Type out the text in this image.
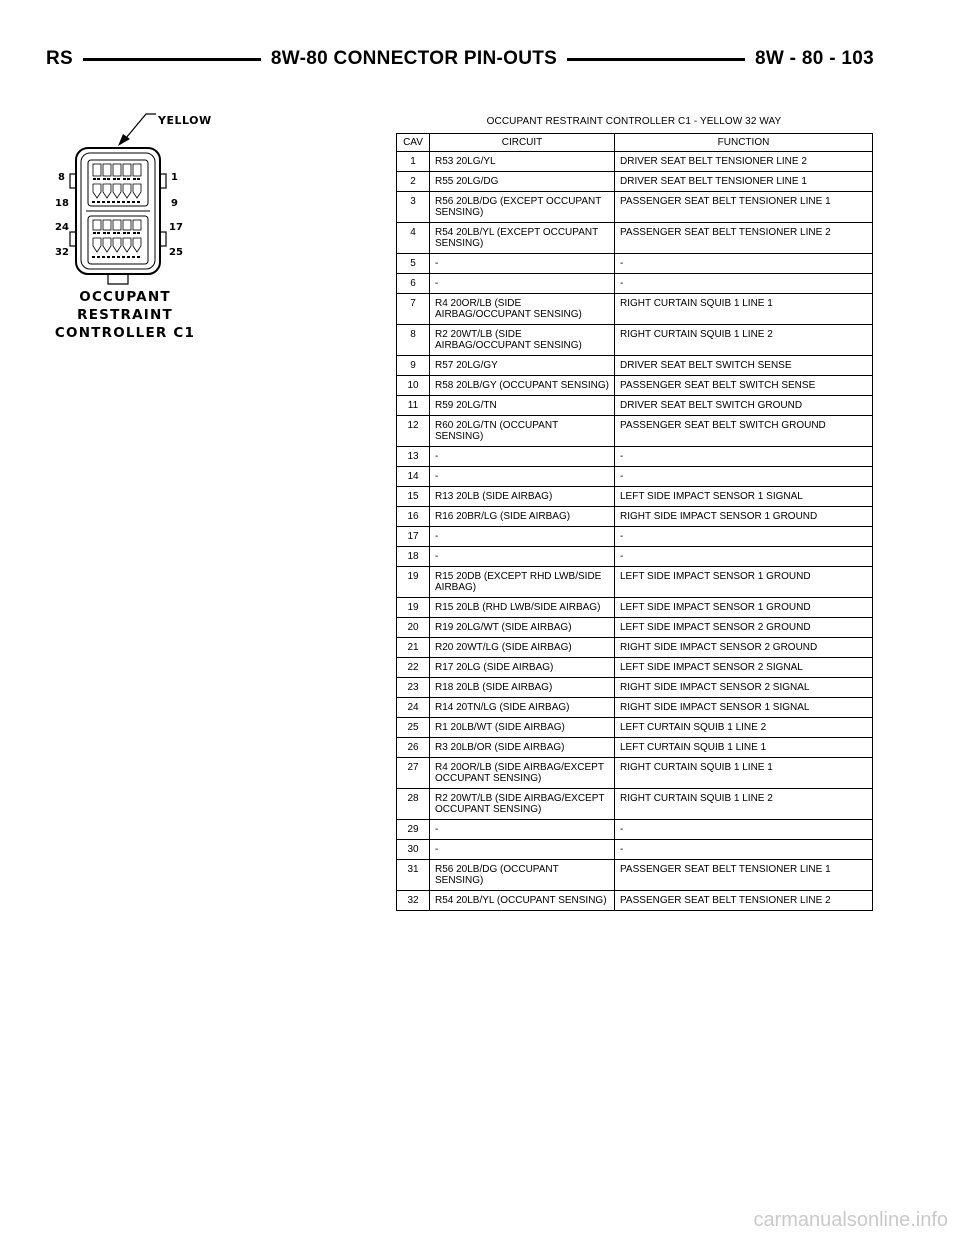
RS	8W-80 CONNECTOR PIN-OUTS	8W - 80 - 103
YELLOW
8
18
24
32
1
9
17
25
OCCUPANT
RESTRAINT
CONTROLLER C1
OCCUPANT RESTRAINT CONTROLLER C1 - YELLOW 32 WAY
CAV	CIRCUIT	FUNCTION
1	R53 20LG/YL	DRIVER SEAT BELT TENSIONER LINE 2
2	R55 20LG/DG	DRIVER SEAT BELT TENSIONER LINE 1
3	R56 20LB/DG (EXCEPT OCCUPANT SENSING)	PASSENGER SEAT BELT TENSIONER LINE 1
4	R54 20LB/YL (EXCEPT OCCUPANT SENSING)	PASSENGER SEAT BELT TENSIONER LINE 2
5	-	-
6	-	-
7	R4 20OR/LB (SIDE AIRBAG/OCCUPANT SENSING)	RIGHT CURTAIN SQUIB 1 LINE 1
8	R2 20WT/LB (SIDE AIRBAG/OCCUPANT SENSING)	RIGHT CURTAIN SQUIB 1 LINE 2
9	R57 20LG/GY	DRIVER SEAT BELT SWITCH SENSE
10	R58 20LB/GY (OCCUPANT SENSING)	PASSENGER SEAT BELT SWITCH SENSE
11	R59 20LG/TN	DRIVER SEAT BELT SWITCH GROUND
12	R60 20LG/TN (OCCUPANT SENSING)	PASSENGER SEAT BELT SWITCH GROUND
13	-	-
14	-	-
15	R13 20LB (SIDE AIRBAG)	LEFT SIDE IMPACT SENSOR 1 SIGNAL
16	R16 20BR/LG (SIDE AIRBAG)	RIGHT SIDE IMPACT SENSOR 1 GROUND
17	-	-
18	-	-
19	R15 20DB (EXCEPT RHD LWB/SIDE AIRBAG)	LEFT SIDE IMPACT SENSOR 1 GROUND
19	R15 20LB (RHD LWB/SIDE AIRBAG)	LEFT SIDE IMPACT SENSOR 1 GROUND
20	R19 20LG/WT (SIDE AIRBAG)	LEFT SIDE IMPACT SENSOR 2 GROUND
21	R20 20WT/LG (SIDE AIRBAG)	RIGHT SIDE IMPACT SENSOR 2 GROUND
22	R17 20LG (SIDE AIRBAG)	LEFT SIDE IMPACT SENSOR 2 SIGNAL
23	R18 20LB (SIDE AIRBAG)	RIGHT SIDE IMPACT SENSOR 2 SIGNAL
24	R14 20TN/LG (SIDE AIRBAG)	RIGHT SIDE IMPACT SENSOR 1 SIGNAL
25	R1 20LB/WT (SIDE AIRBAG)	LEFT CURTAIN SQUIB 1 LINE 2
26	R3 20LB/OR (SIDE AIRBAG)	LEFT CURTAIN SQUIB 1 LINE 1
27	R4 20OR/LB (SIDE AIRBAG/EXCEPT OCCUPANT SENSING)	RIGHT CURTAIN SQUIB 1 LINE 1
28	R2 20WT/LB (SIDE AIRBAG/EXCEPT OCCUPANT SENSING)	RIGHT CURTAIN SQUIB 1 LINE 2
29	-	-
30	-	-
31	R56 20LB/DG (OCCUPANT SENSING)	PASSENGER SEAT BELT TENSIONER LINE 1
32	R54 20LB/YL (OCCUPANT SENSING)	PASSENGER SEAT BELT TENSIONER LINE 2
carmanualsonline.info
